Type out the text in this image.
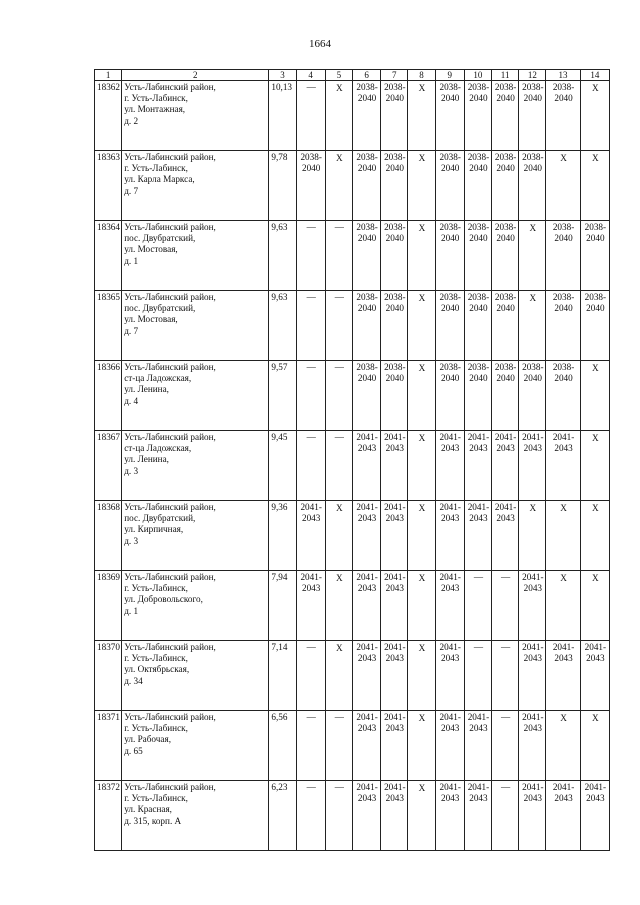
1664
1	2	3	4	5	6	7	8	9	10	11	12	13	14
18362	Усть-Лабинский район,
г. Усть-Лабинск,
ул. Монтажная,
д. 2	10,13	—	X	2038-2040	2038-2040	X	2038-2040	2038-2040	2038-2040	2038-2040	2038-2040	X
18363	Усть-Лабинский район,
г. Усть-Лабинск,
ул. Карла Маркса,
д. 7	9,78	2038-2040	X	2038-2040	2038-2040	X	2038-2040	2038-2040	2038-2040	2038-2040	X	X
18364	Усть-Лабинский район,
пос. Двубратский,
ул. Мостовая,
д. 1	9,63	—	—	2038-2040	2038-2040	X	2038-2040	2038-2040	2038-2040	X	2038-2040	2038-2040
18365	Усть-Лабинский район,
пос. Двубратский,
ул. Мостовая,
д. 7	9,63	—	—	2038-2040	2038-2040	X	2038-2040	2038-2040	2038-2040	X	2038-2040	2038-2040
18366	Усть-Лабинский район,
ст-ца Ладожская,
ул. Ленина,
д. 4	9,57	—	—	2038-2040	2038-2040	X	2038-2040	2038-2040	2038-2040	2038-2040	2038-2040	X
18367	Усть-Лабинский район,
ст-ца Ладожская,
ул. Ленина,
д. 3	9,45	—	—	2041-2043	2041-2043	X	2041-2043	2041-2043	2041-2043	2041-2043	2041-2043	X
18368	Усть-Лабинский район,
пос. Двубратский,
ул. Кирпичная,
д. 3	9,36	2041-2043	X	2041-2043	2041-2043	X	2041-2043	2041-2043	2041-2043	X	X	X
18369	Усть-Лабинский район,
г. Усть-Лабинск,
ул. Добровольского,
д. 1	7,94	2041-2043	X	2041-2043	2041-2043	X	2041-2043	—	—	2041-2043	X	X
18370	Усть-Лабинский район,
г. Усть-Лабинск,
ул. Октябрьская,
д. 34	7,14	—	X	2041-2043	2041-2043	X	2041-2043	—	—	2041-2043	2041-2043	2041-2043
18371	Усть-Лабинский район,
г. Усть-Лабинск,
ул. Рабочая,
д. 65	6,56	—	—	2041-2043	2041-2043	X	2041-2043	2041-2043	—	2041-2043	X	X
18372	Усть-Лабинский район,
г. Усть-Лабинск,
ул. Красная,
д. 315, корп. А	6,23	—	—	2041-2043	2041-2043	X	2041-2043	2041-2043	—	2041-2043	2041-2043	2041-2043
